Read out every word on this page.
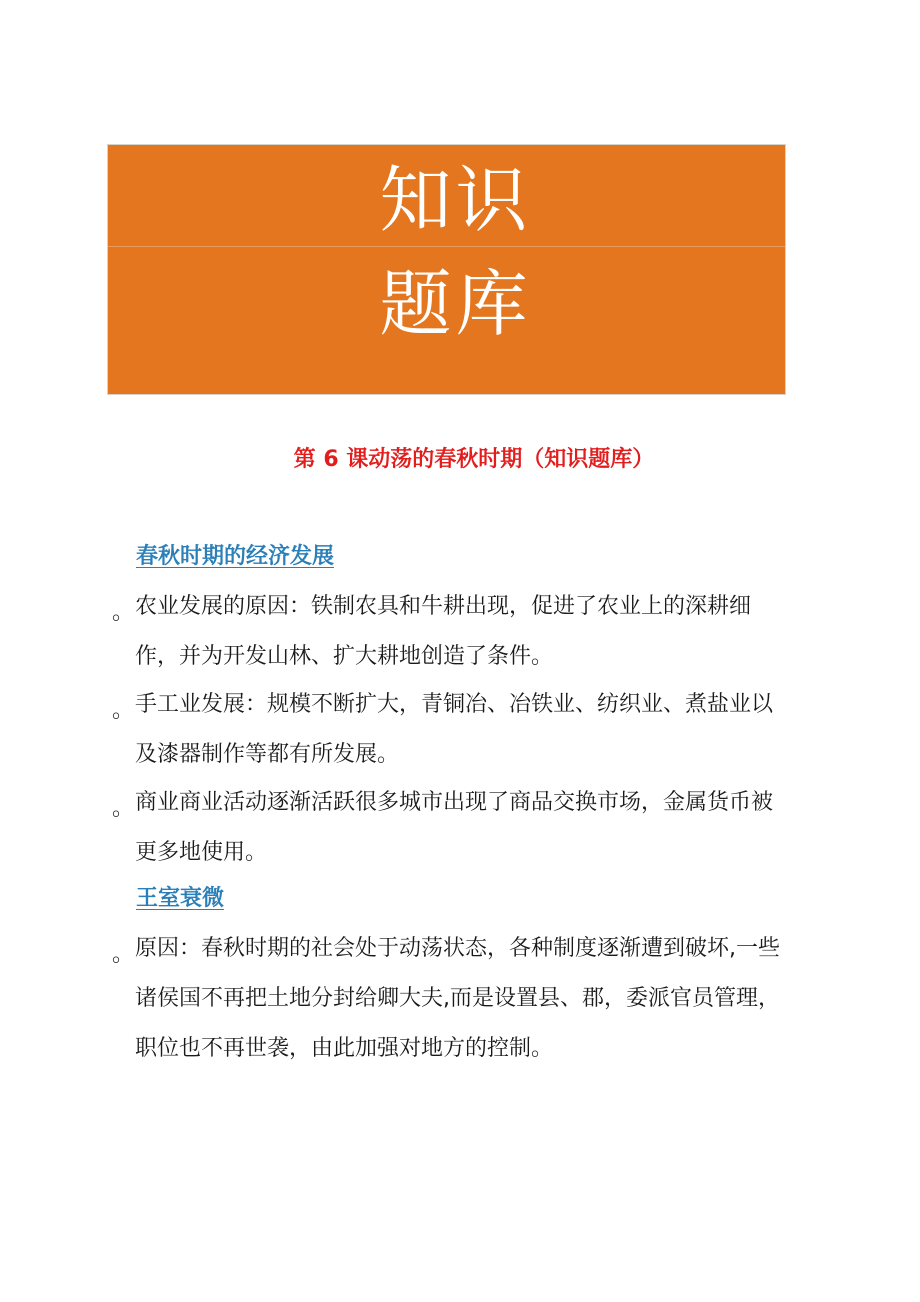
知识
题库
第 6 课动荡的春秋时期（知识题库）
春秋时期的经济发展
。 农业发展的原因：铁制农具和牛耕出现，促进了农业上的深耕细作，并为开发山林、扩大耕地创造了条件。
。 手工业发展：规模不断扩大，青铜冶、冶铁业、纺织业、煮盐业以及漆器制作等都有所发展。
。 商业商业活动逐渐活跃很多城市出现了商品交换市场，金属货币被更多地使用。
王室衰微
。 原因：春秋时期的社会处于动荡状态，各种制度逐渐遭到破坏,一些诸侯国不再把土地分封给卿大夫,而是设置县、郡，委派官员管理，职位也不再世袭，由此加强对地方的控制。
